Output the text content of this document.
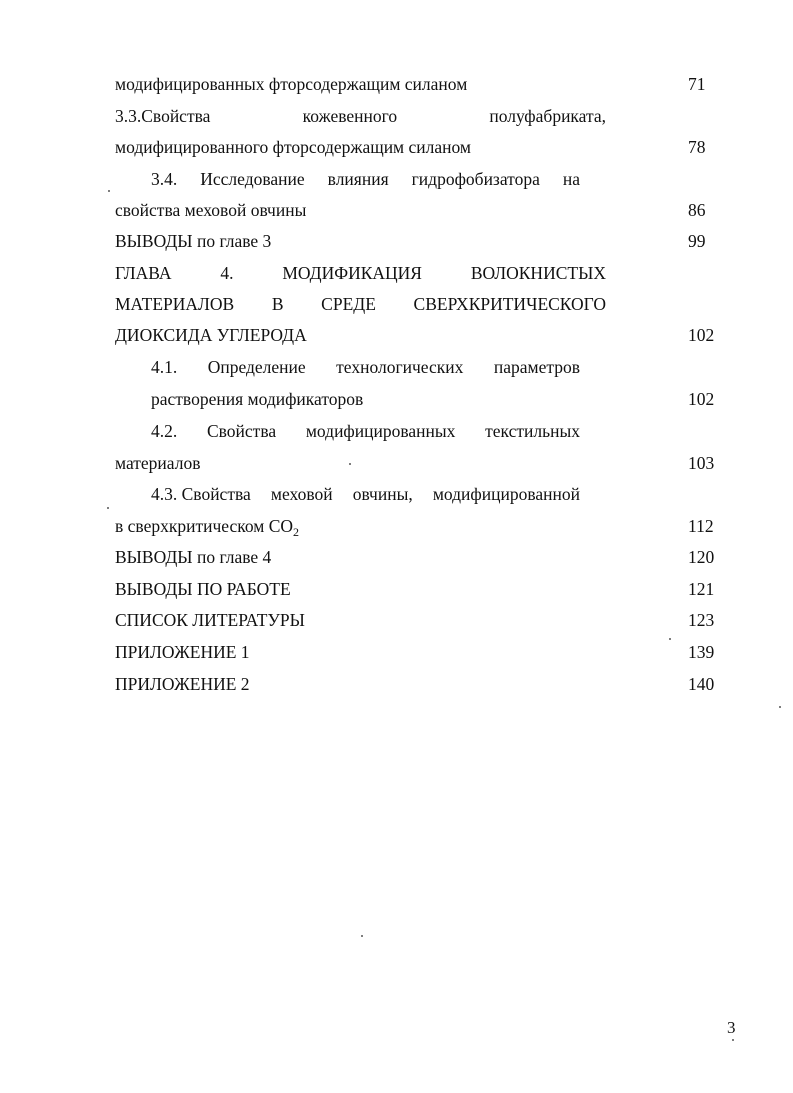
модифицированных фторсодержащим силаном	71
3.3.Свойства	кожевенного	полуфабриката,
модифицированного фторсодержащим силаном	78
3.4. Исследование влияния гидрофобизатора на
свойства меховой овчины	86
ВЫВОДЫ по главе 3	99
ГЛАВА	4.	МОДИФИКАЦИЯ	ВОЛОКНИСТЫХ
МАТЕРИАЛОВ В СРЕДЕ СВЕРХКРИТИЧЕСКОГО
ДИОКСИДА УГЛЕРОДА	102
4.1. Определение технологических параметров
растворения модификаторов	102
4.2. Свойства модифицированных текстильных
материалов	103
4.3. Свойства меховой овчины, модифицированной
в сверхкритическом $СО_2$	112
ВЫВОДЫ по главе 4	120
ВЫВОДЫ ПО РАБОТЕ	121
СПИСОК ЛИТЕРАТУРЫ	123
ПРИЛОЖЕНИЕ 1	139
ПРИЛОЖЕНИЕ 2	140
3
